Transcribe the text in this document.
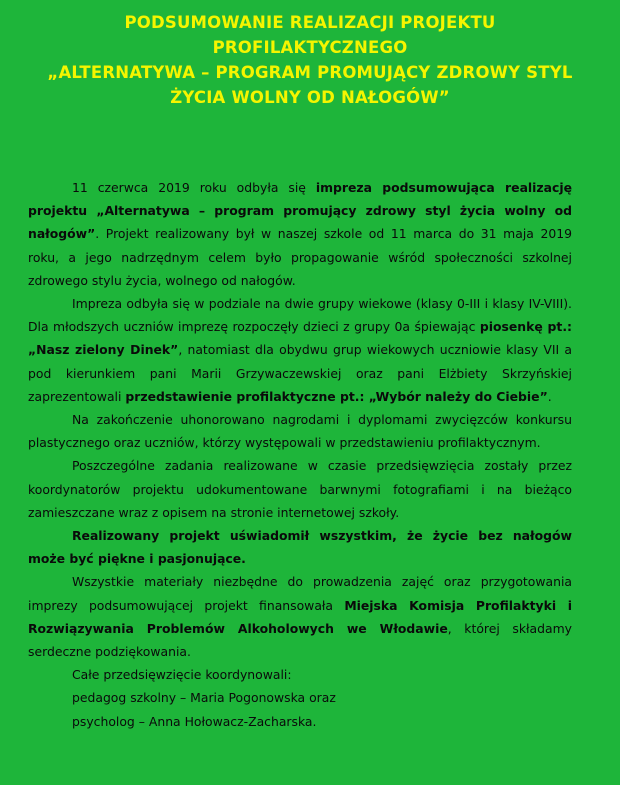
PODSUMOWANIE REALIZACJI PROJEKTU
PROFILAKTYCZNEGO
„ALTERNATYWA – PROGRAM PROMUJĄCY ZDROWY STYL
ŻYCIA WOLNY OD NAŁOGÓW”

11 czerwca 2019 roku odbyła się impreza podsumowująca realizację projektu „Alternatywa – program promujący zdrowy styl życia wolny od nałogów”. Projekt realizowany był w naszej szkole od 11 marca do 31 maja 2019 roku, a jego nadrzędnym celem było propagowanie wśród społeczności szkolnej zdrowego stylu życia, wolnego od nałogów.

Impreza odbyła się w podziale na dwie grupy wiekowe (klasy 0-III i klasy IV-VIII). Dla młodszych uczniów imprezę rozpoczęły dzieci z grupy 0a śpiewając piosenkę pt.: „Nasz zielony Dinek”, natomiast dla obydwu grup wiekowych uczniowie klasy VII a pod kierunkiem pani Marii Grzywaczewskiej oraz pani Elżbiety Skrzyńskiej zaprezentowali przedstawienie profilaktyczne pt.: „Wybór należy do Ciebie”.

Na zakończenie uhonorowano nagrodami i dyplomami zwycięzców konkursu plastycznego oraz uczniów, którzy występowali w przedstawieniu profilaktycznym.

Poszczególne zadania realizowane w czasie przedsięwzięcia zostały przez koordynatorów projektu udokumentowane barwnymi fotografiami i na bieżąco zamieszczane wraz z opisem na stronie internetowej szkoły.

Realizowany projekt uświadomił wszystkim, że życie bez nałogów może być piękne i pasjonujące.

Wszystkie materiały niezbędne do prowadzenia zajęć oraz przygotowania imprezy podsumowującej projekt finansowała Miejska Komisja Profilaktyki i Rozwiązywania Problemów Alkoholowych we Włodawie, której składamy serdeczne podziękowania.

Całe przedsięwzięcie koordynowali:

pedagog szkolny – Maria Pogonowska oraz

psycholog – Anna Hołowacz-Zacharska.
